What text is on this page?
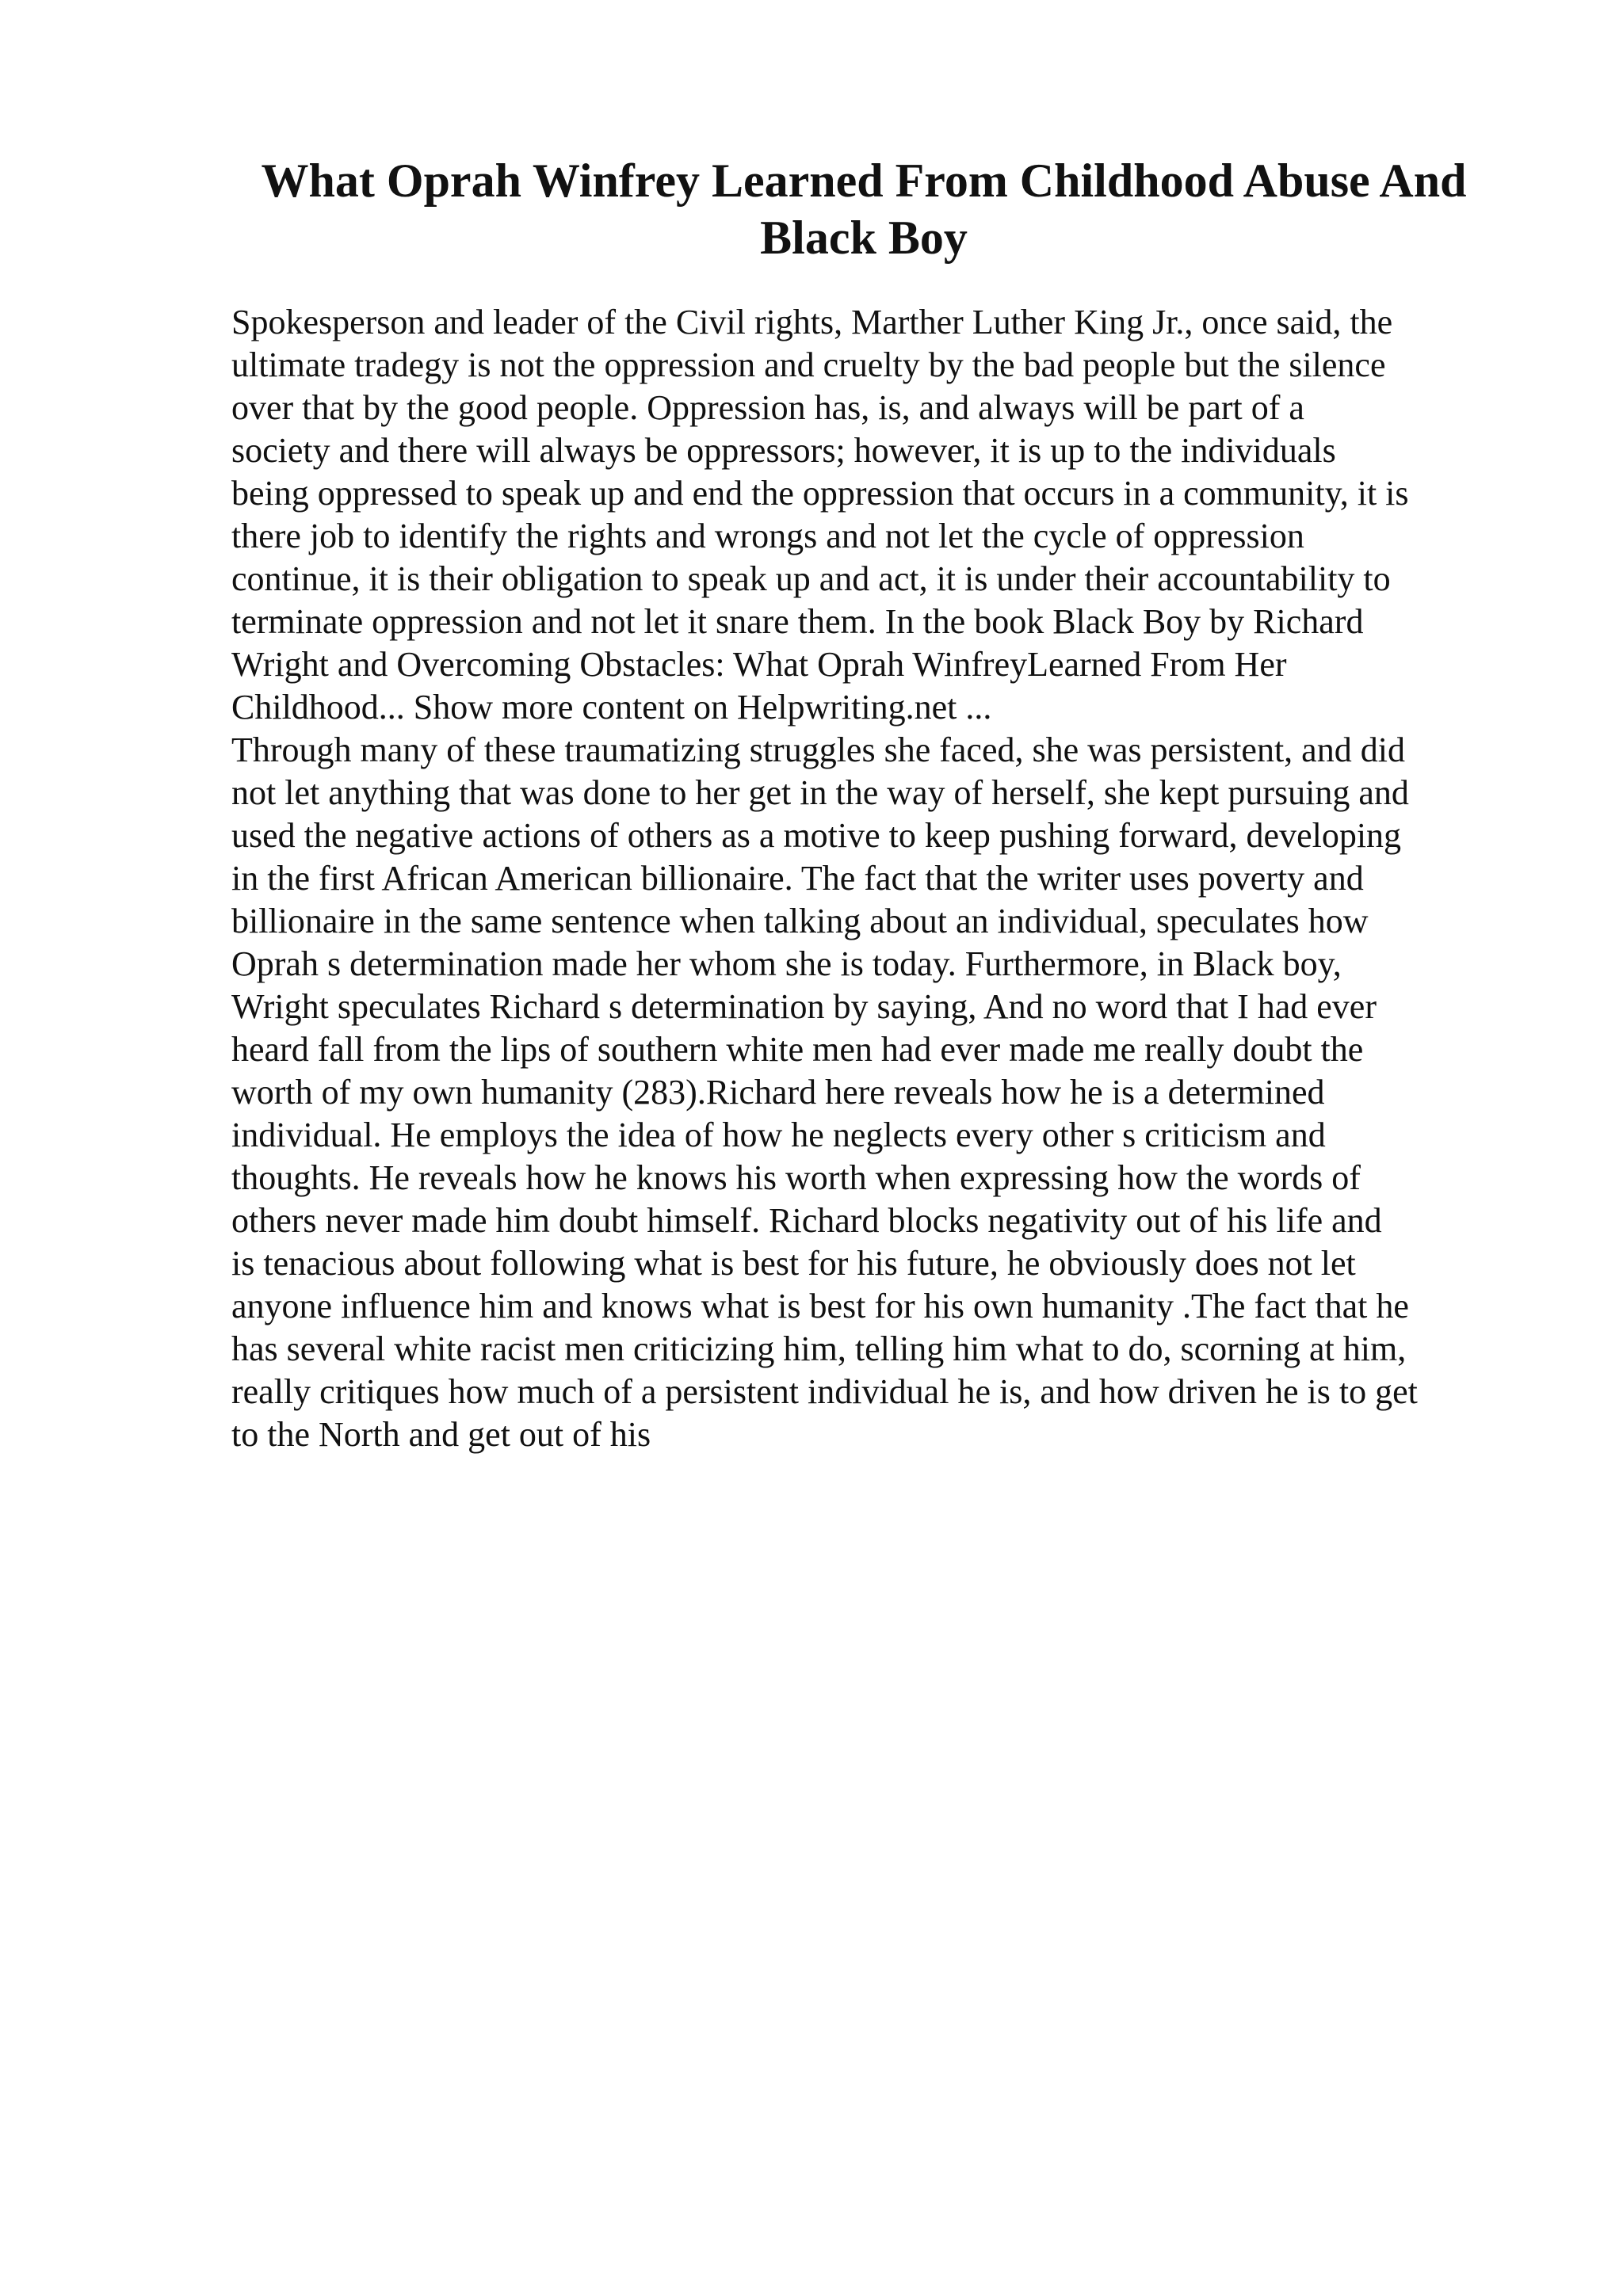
What Oprah Winfrey Learned From Childhood Abuse And
Black Boy
Spokesperson and leader of the Civil rights, Marther Luther King Jr., once said, the
ultimate tradegy is not the oppression and cruelty by the bad people but the silence
over that by the good people. Oppression has, is, and always will be part of a
society and there will always be oppressors; however, it is up to the individuals
being oppressed to speak up and end the oppression that occurs in a community, it is
there job to identify the rights and wrongs and not let the cycle of oppression
continue, it is their obligation to speak up and act, it is under their accountability to
terminate oppression and not let it snare them. In the book Black Boy by Richard
Wright and Overcoming Obstacles: What Oprah WinfreyLearned From Her
Childhood... Show more content on Helpwriting.net ...
Through many of these traumatizing struggles she faced, she was persistent, and did
not let anything that was done to her get in the way of herself, she kept pursuing and
used the negative actions of others as a motive to keep pushing forward, developing
in the first African American billionaire. The fact that the writer uses poverty and
billionaire in the same sentence when talking about an individual, speculates how
Oprah s determination made her whom she is today. Furthermore, in Black boy,
Wright speculates Richard s determination by saying, And no word that I had ever
heard fall from the lips of southern white men had ever made me really doubt the
worth of my own humanity (283).Richard here reveals how he is a determined
individual. He employs the idea of how he neglects every other s criticism and
thoughts. He reveals how he knows his worth when expressing how the words of
others never made him doubt himself. Richard blocks negativity out of his life and
is tenacious about following what is best for his future, he obviously does not let
anyone influence him and knows what is best for his own humanity .The fact that he
has several white racist men criticizing him, telling him what to do, scorning at him,
really critiques how much of a persistent individual he is, and how driven he is to get
to the North and get out of his
